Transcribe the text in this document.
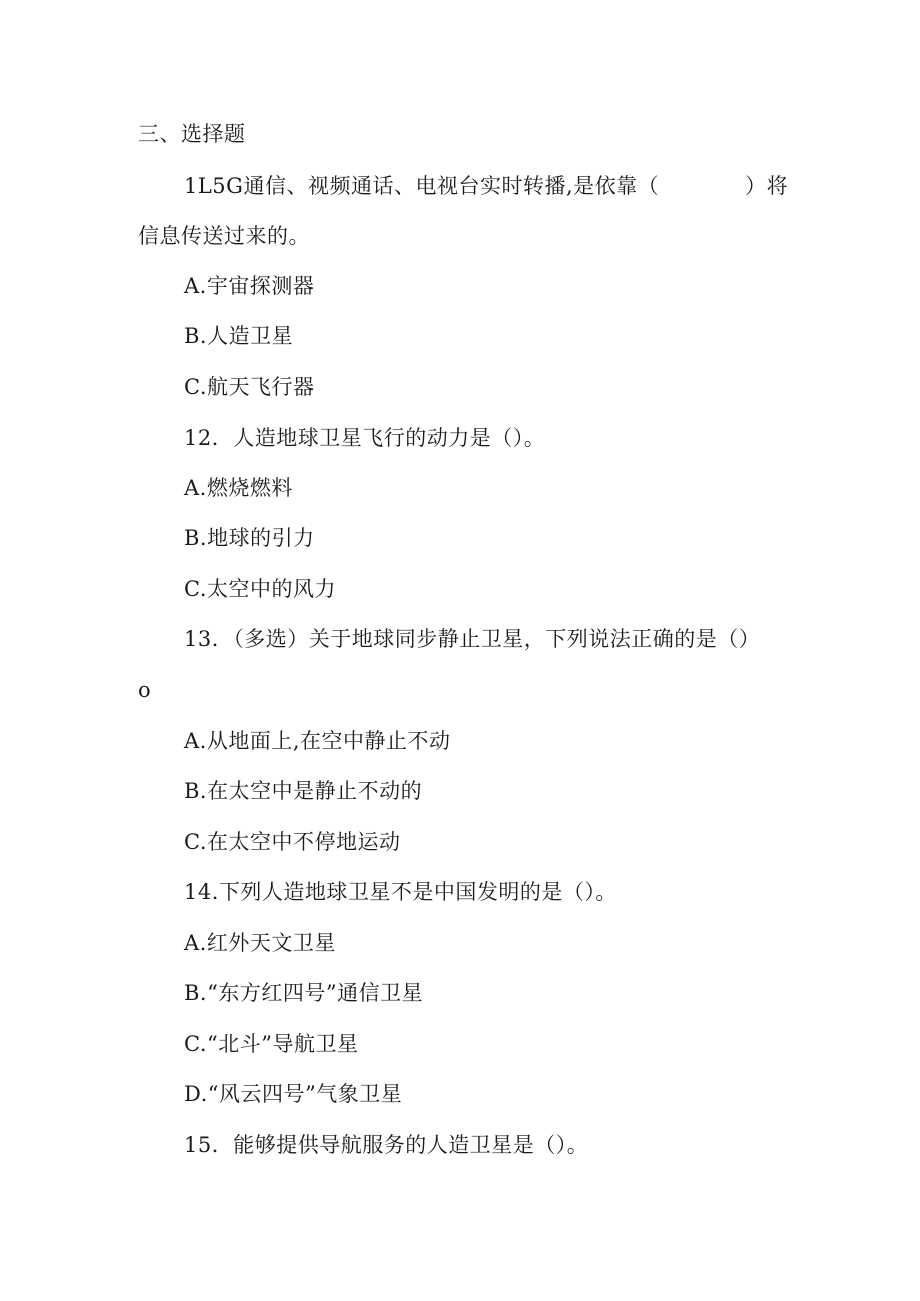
三、选择题
1L5G通信、视频通话、电视台实时转播,是依靠（	）将
信息传送过来的。
A.宇宙探测器
B.人造卫星
C.航天飞行器
12．人造地球卫星飞行的动力是（）。
A.燃烧燃料
B.地球的引力
C.太空中的风力
13．（多选）关于地球同步静止卫星，下列说法正确的是（）
o
A.从地面上,在空中静止不动
B.在太空中是静止不动的
C.在太空中不停地运动
14.下列人造地球卫星不是中国发明的是（）。
A.红外天文卫星
B.“东方红四号”通信卫星
C.“北斗”导航卫星
D.“风云四号”气象卫星
15．能够提供导航服务的人造卫星是（）。
